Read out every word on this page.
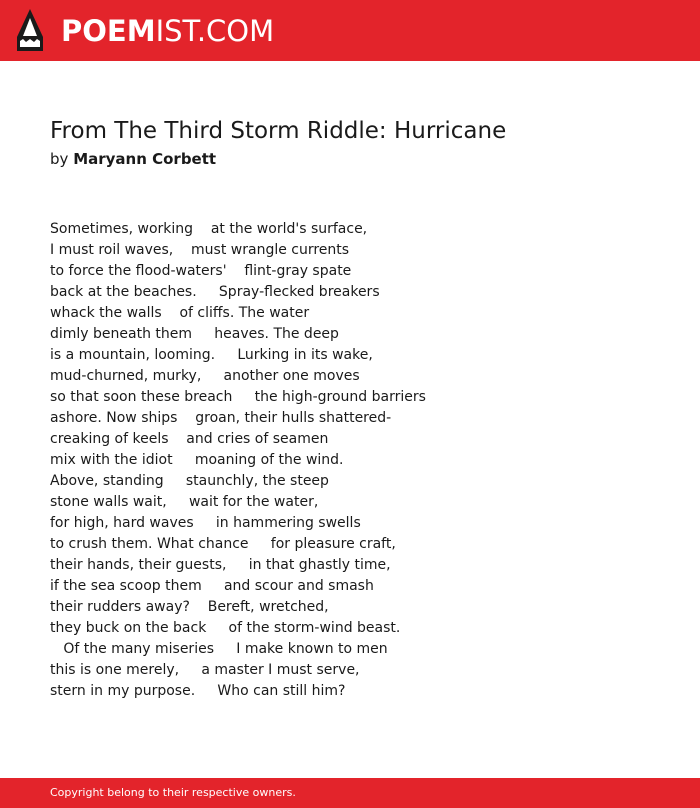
POEMIST.COM
From The Third Storm Riddle: Hurricane
by Maryann Corbett
Sometimes, working    at the world's surface,
I must roil waves,    must wrangle currents
to force the flood-waters'    flint-gray spate
back at the beaches.     Spray-flecked breakers
whack the walls    of cliffs. The water
dimly beneath them     heaves. The deep
is a mountain, looming.     Lurking in its wake,
mud-churned, murky,     another one moves
so that soon these breach     the high-ground barriers
ashore. Now ships    groan, their hulls shattered-
creaking of keels    and cries of seamen
mix with the idiot     moaning of the wind.
Above, standing     staunchly, the steep
stone walls wait,     wait for the water,
for high, hard waves     in hammering swells
to crush them. What chance     for pleasure craft,
their hands, their guests,     in that ghastly time,
if the sea scoop them     and scour and smash
their rudders away?    Bereft, wretched,
they buck on the back     of the storm-wind beast.
Of the many miseries     I make known to men
this is one merely,     a master I must serve,
stern in my purpose.     Who can still him?
Copyright belong to their respective owners.
